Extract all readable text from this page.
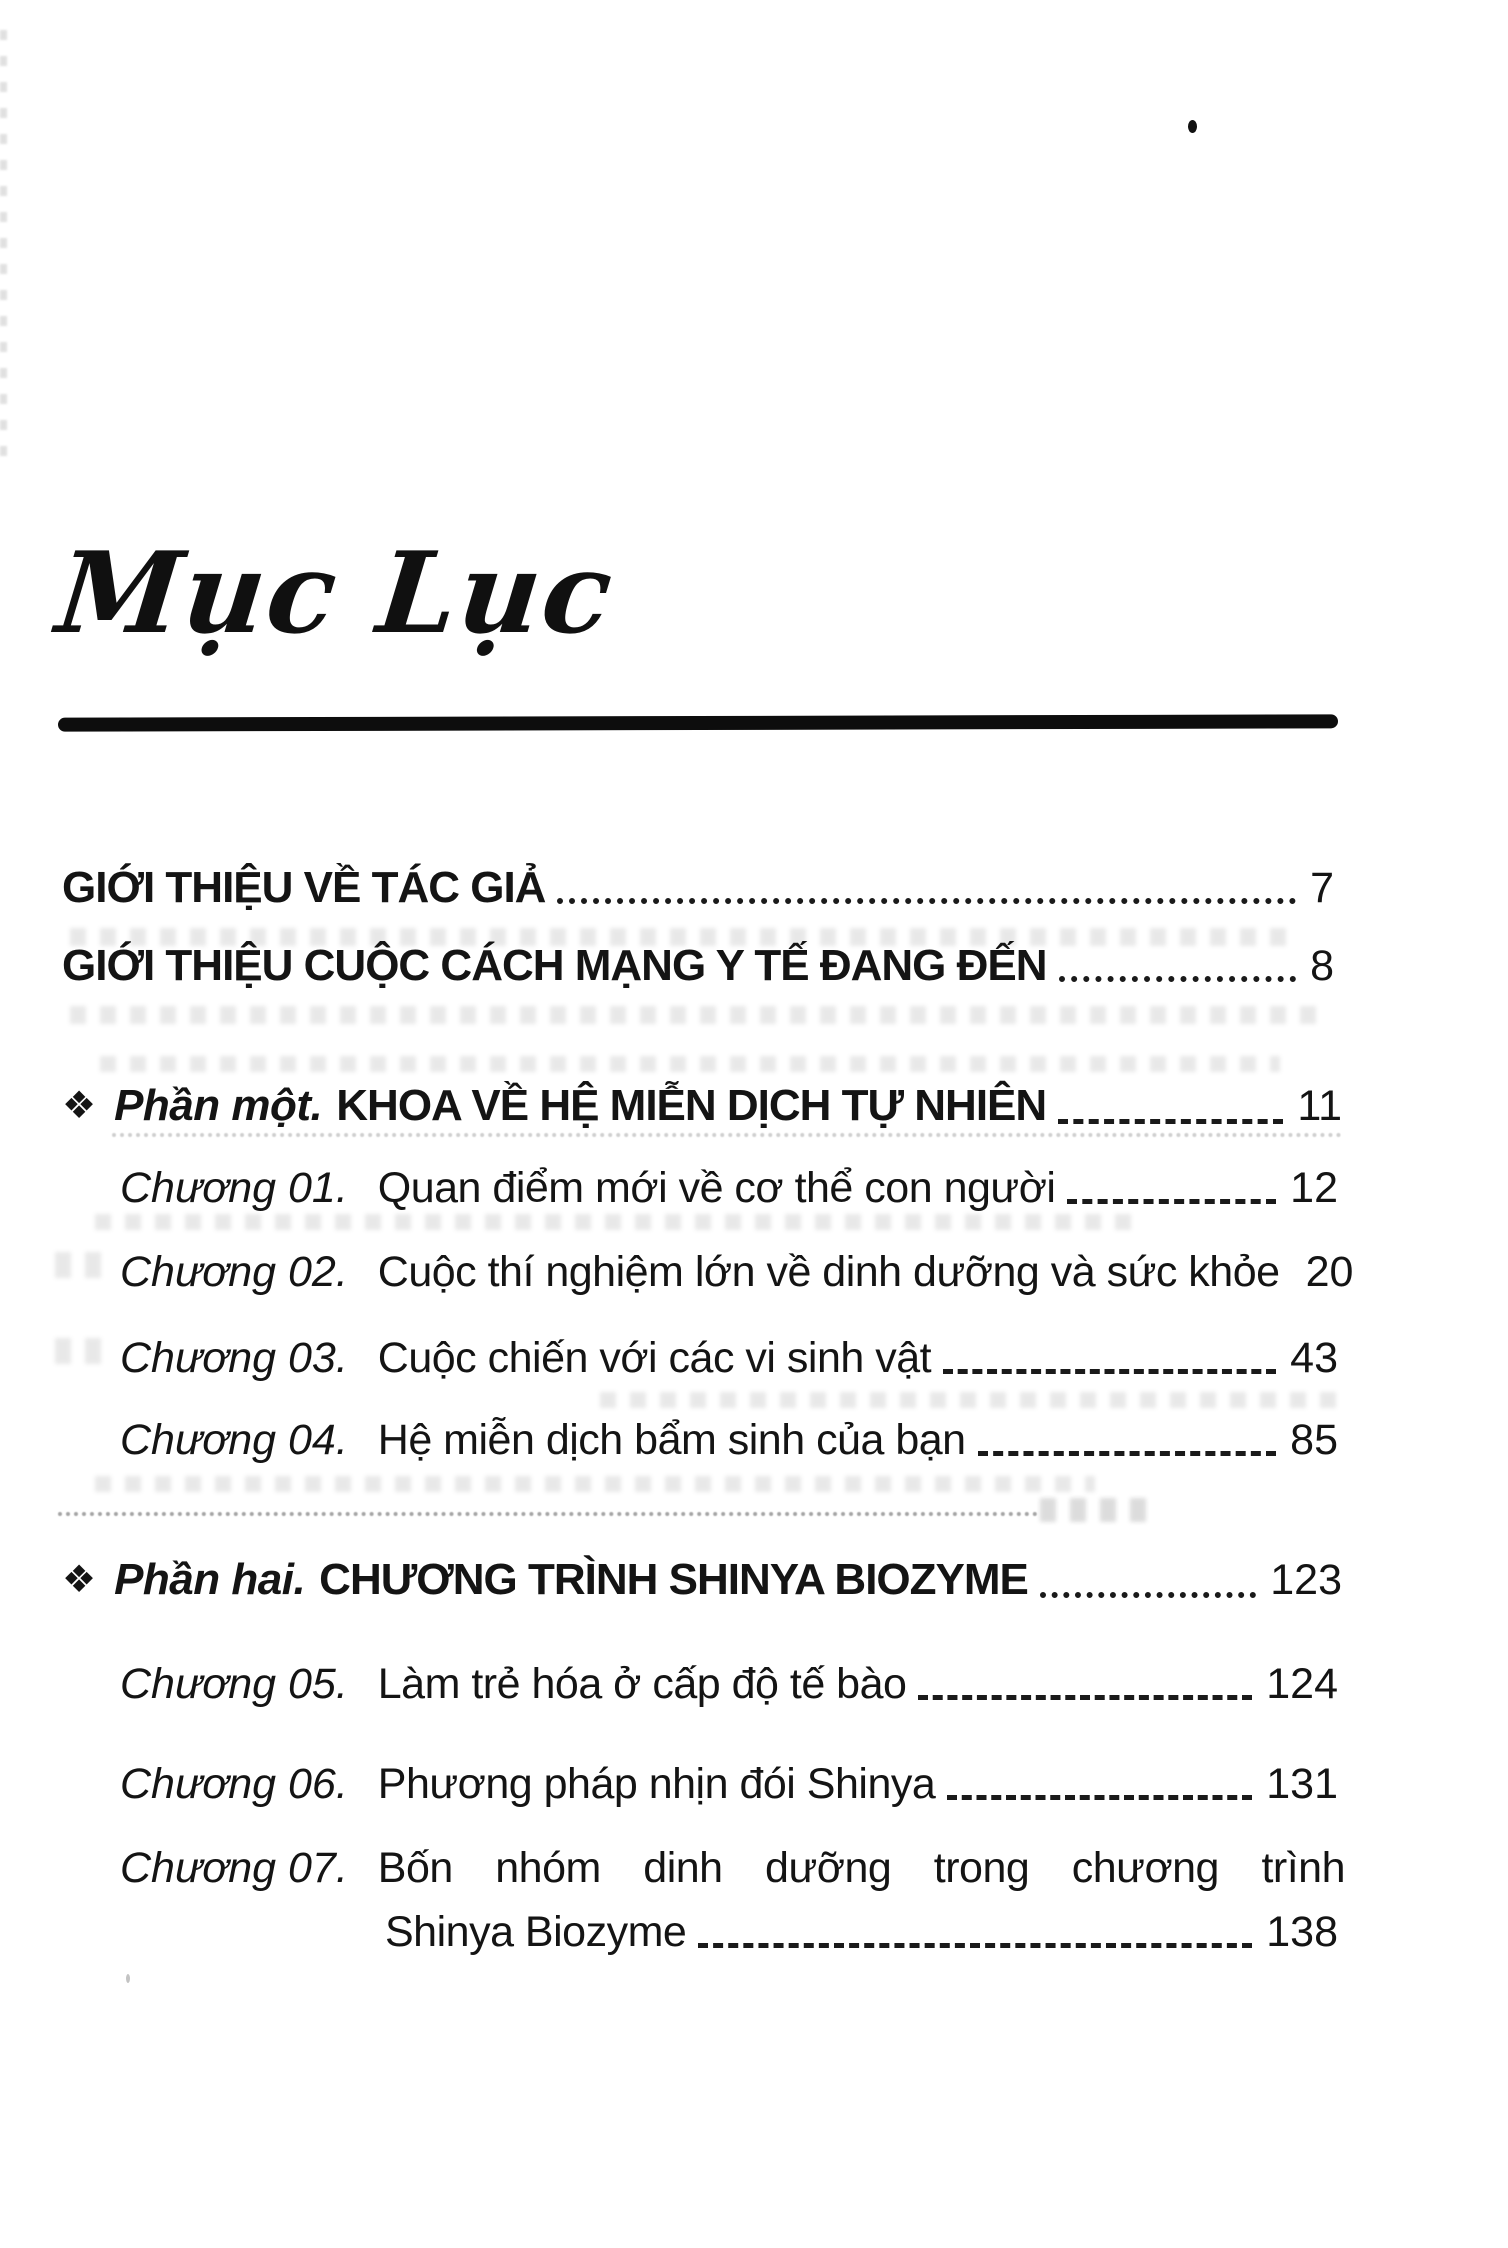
Mục Lục
GIỚI THIỆU VỀ TÁC GIẢ	7
GIỚI THIỆU CUỘC CÁCH MẠNG Y TẾ ĐANG ĐẾN	8
❖ Phần một. KHOA VỀ HỆ MIỄN DỊCH TỰ NHIÊN	11
Chương 01. Quan điểm mới về cơ thể con người	12
Chương 02. Cuộc thí nghiệm lớn về dinh dưỡng và sức khỏe 20
Chương 03. Cuộc chiến với các vi sinh vật	43
Chương 04. Hệ miễn dịch bẩm sinh của bạn	85
❖ Phần hai. CHƯƠNG TRÌNH SHINYA BIOZYME	123
Chương 05. Làm trẻ hóa ở cấp độ tế bào	124
Chương 06. Phương pháp nhịn đói Shinya	131
Chương 07. Bốn nhóm dinh dưỡng trong chương trình
Shinya Biozyme	138
